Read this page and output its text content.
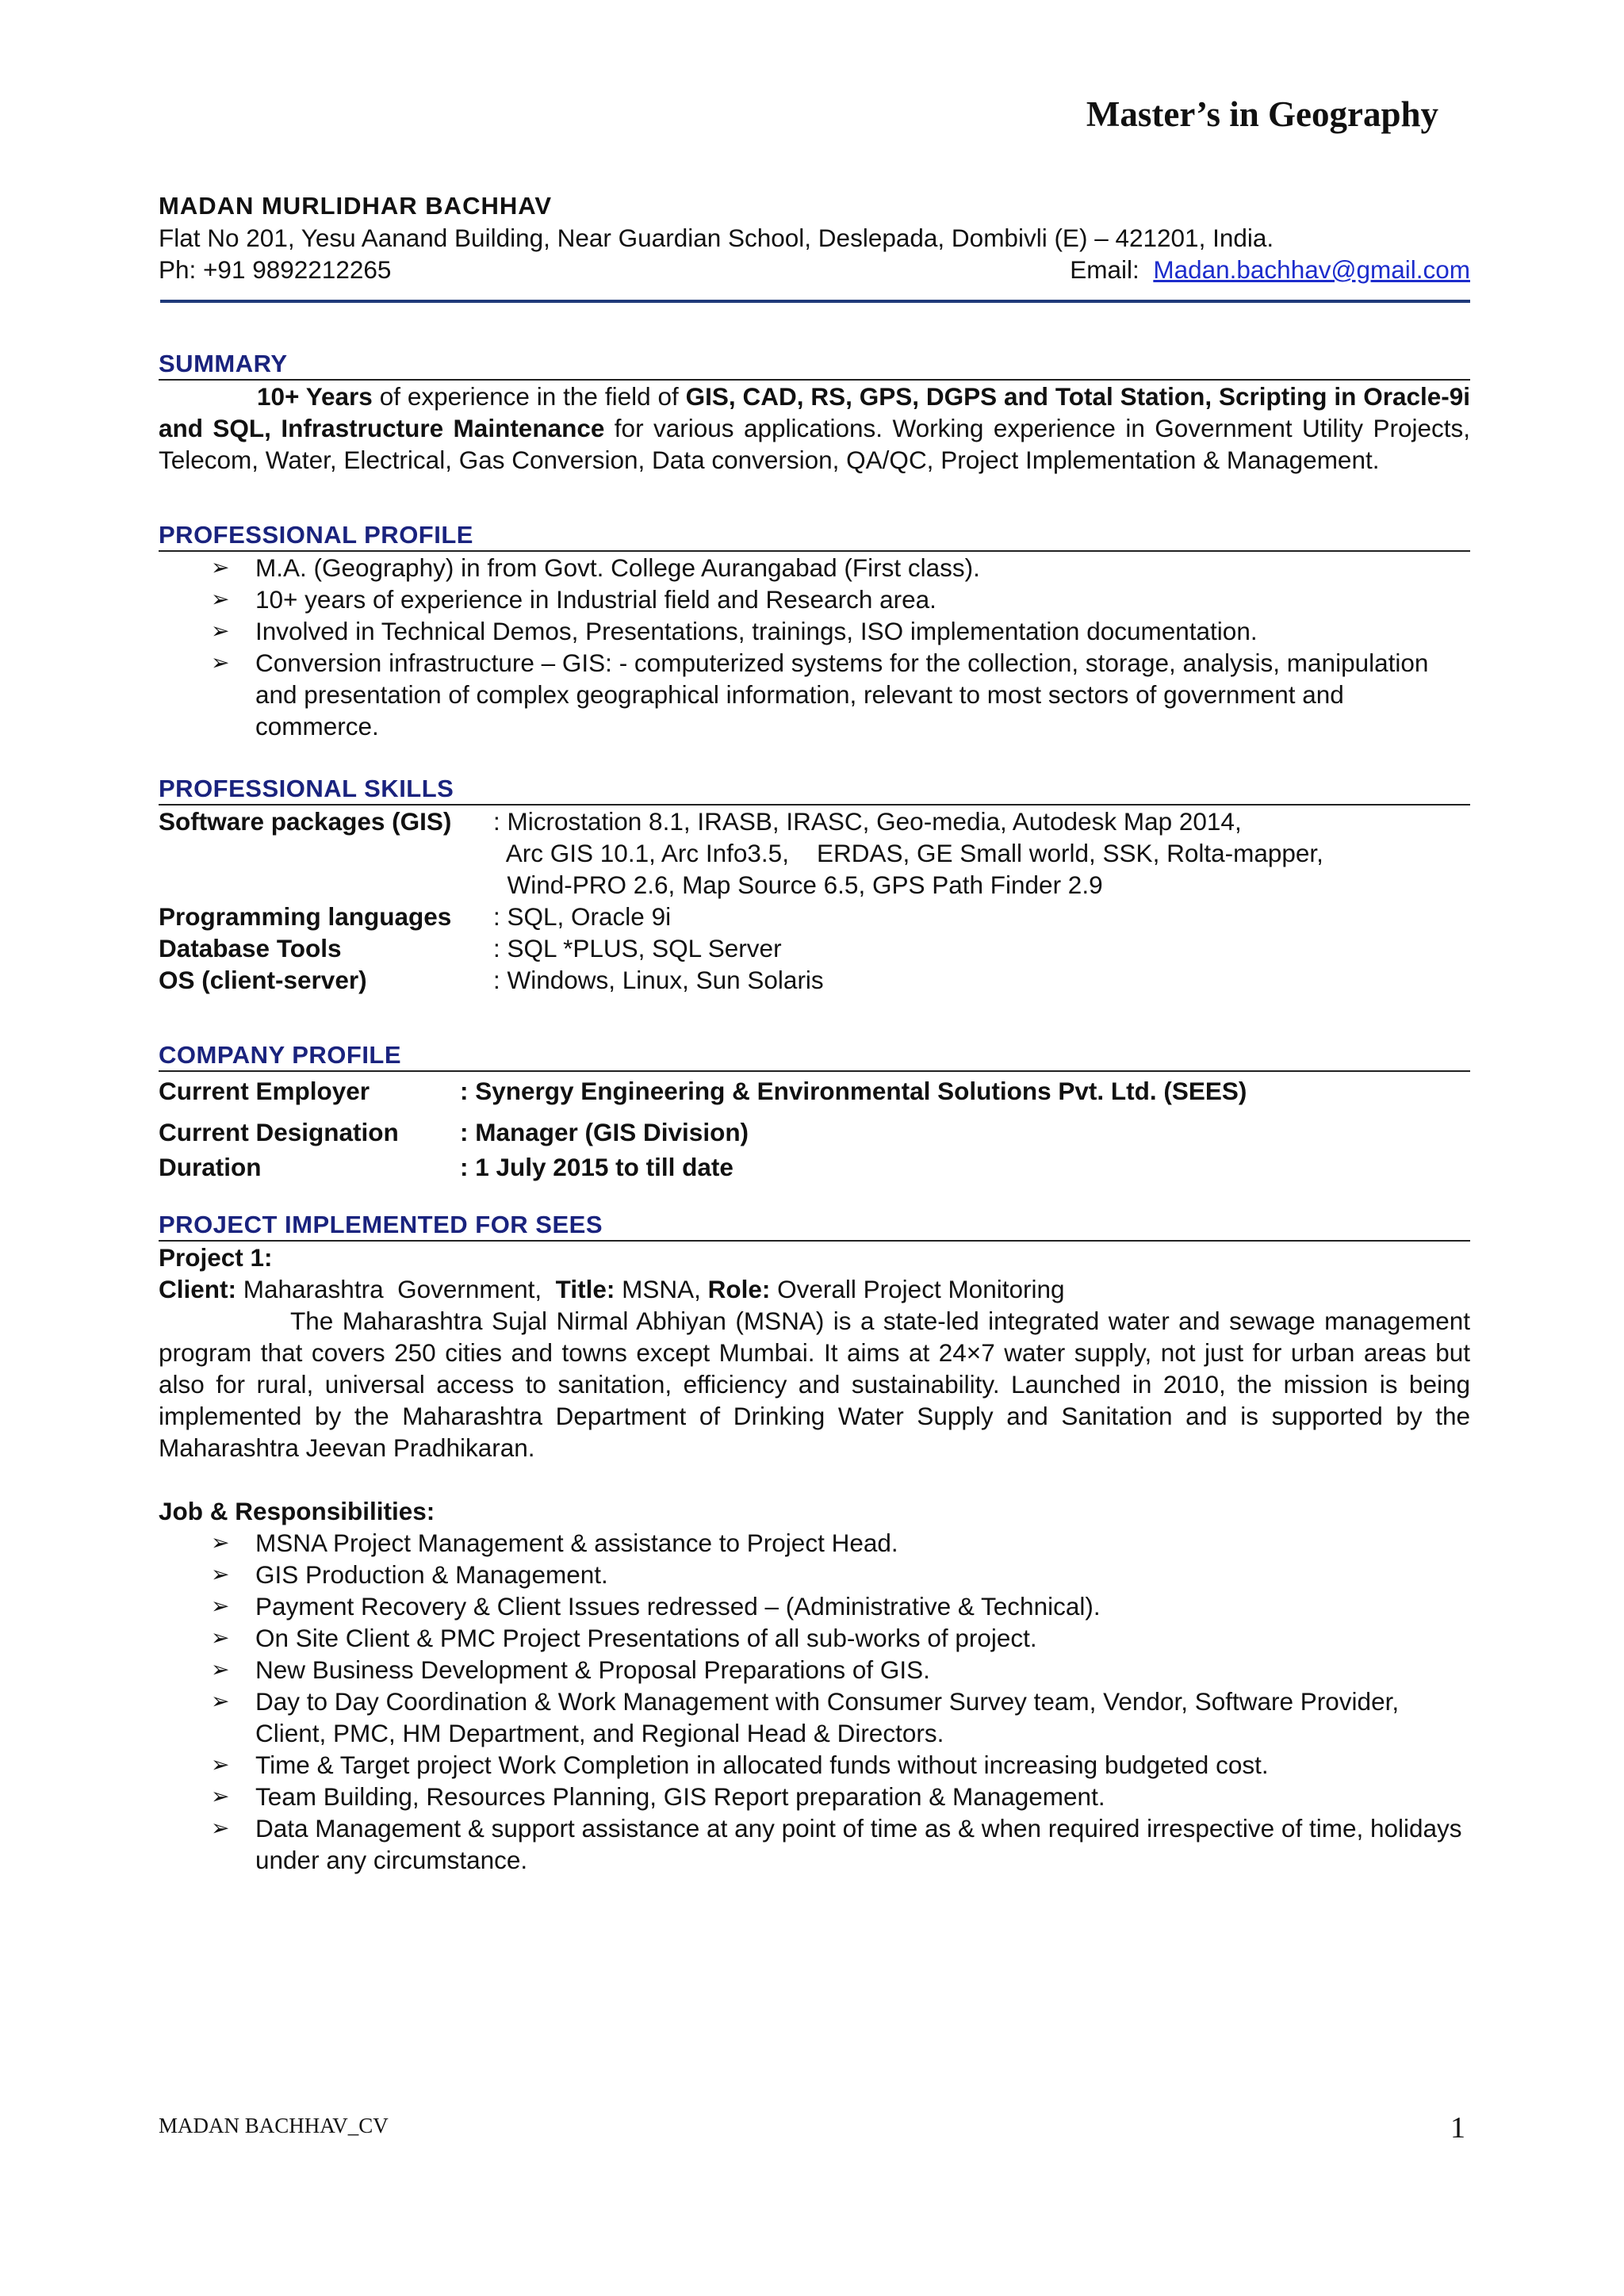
Master’s in Geography
MADAN MURLIDHAR BACHHAV
Flat No 201, Yesu Aanand Building, Near Guardian School, Deslepada, Dombivli (E) – 421201, India.
Ph: +91 9892212265	Email: Madan.bachhav@gmail.com
SUMMARY
10+ Years of experience in the field of GIS, CAD, RS, GPS, DGPS and Total Station, Scripting in Oracle-9i and SQL, Infrastructure Maintenance for various applications. Working experience in Government Utility Projects, Telecom, Water, Electrical, Gas Conversion, Data conversion, QA/QC, Project Implementation & Management.
PROFESSIONAL PROFILE
➢ M.A. (Geography) in from Govt. College Aurangabad (First class).
➢ 10+ years of experience in Industrial field and Research area.
➢ Involved in Technical Demos, Presentations, trainings, ISO implementation documentation.
➢ Conversion infrastructure – GIS: - computerized systems for the collection, storage, analysis, manipulation and presentation of complex geographical information, relevant to most sectors of government and commerce.
PROFESSIONAL SKILLS
Software packages (GIS)	: Microstation 8.1, IRASB, IRASC, Geo-media, Autodesk Map 2014,
Arc GIS 10.1, Arc Info3.5,    ERDAS, GE Small world, SSK, Rolta-mapper,
Wind-PRO 2.6, Map Source 6.5, GPS Path Finder 2.9
Programming languages	: SQL, Oracle 9i
Database Tools	: SQL *PLUS, SQL Server
OS (client-server)	: Windows, Linux, Sun Solaris
COMPANY PROFILE
Current Employer	: Synergy Engineering & Environmental Solutions Pvt. Ltd. (SEES)
Current Designation	: Manager (GIS Division)
Duration	: 1 July 2015 to till date
PROJECT IMPLEMENTED FOR SEES
Project 1:
Client: Maharashtra  Government,  Title: MSNA, Role: Overall Project Monitoring
The Maharashtra Sujal Nirmal Abhiyan (MSNA) is a state-led integrated water and sewage management program that covers 250 cities and towns except Mumbai. It aims at 24×7 water supply, not just for urban areas but also for rural, universal access to sanitation, efficiency and sustainability. Launched in 2010, the mission is being implemented by the Maharashtra Department of Drinking Water Supply and Sanitation and is supported by the Maharashtra Jeevan Pradhikaran.
Job & Responsibilities:
➢ MSNA Project Management & assistance to Project Head.
➢ GIS Production & Management.
➢ Payment Recovery & Client Issues redressed – (Administrative & Technical).
➢ On Site Client & PMC Project Presentations of all sub-works of project.
➢ New Business Development & Proposal Preparations of GIS.
➢ Day to Day Coordination & Work Management with Consumer Survey team, Vendor, Software Provider, Client, PMC, HM Department, and Regional Head & Directors.
➢ Time & Target project Work Completion in allocated funds without increasing budgeted cost.
➢ Team Building, Resources Planning, GIS Report preparation & Management.
➢ Data Management & support assistance at any point of time as & when required irrespective of time, holidays under any circumstance.
MADAN BACHHAV_CV	1
